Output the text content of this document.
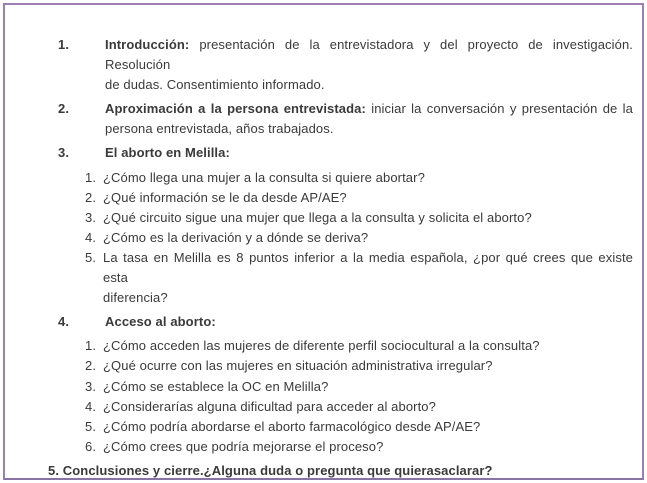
1.	Introducción: presentación de la entrevistadora y del proyecto de investigación. Resolución
de dudas. Consentimiento informado.
2.	Aproximación a la persona entrevistada: iniciar la conversación y presentación de la
persona entrevistada, años trabajados.
3.	El aborto en Melilla:
1. ¿Cómo llega una mujer a la consulta si quiere abortar?
2. ¿Qué información se le da desde AP/AE?
3. ¿Qué circuito sigue una mujer que llega a la consulta y solicita el aborto?
4. ¿Cómo es la derivación y a dónde se deriva?
5. La tasa en Melilla es 8 puntos inferior a la media española, ¿por qué crees que existe esta
diferencia?
4.	Acceso al aborto:
1. ¿Cómo acceden las mujeres de diferente perfil sociocultural a la consulta?
2. ¿Qué ocurre con las mujeres en situación administrativa irregular?
3. ¿Cómo se establece la OC en Melilla?
4. ¿Considerarías alguna dificultad para acceder al aborto?
5. ¿Cómo podría abordarse el aborto farmacológico desde AP/AE?
6. ¿Cómo crees que podría mejorarse el proceso?
5. Conclusiones y cierre.¿Alguna duda o pregunta que quierasaclarar?
